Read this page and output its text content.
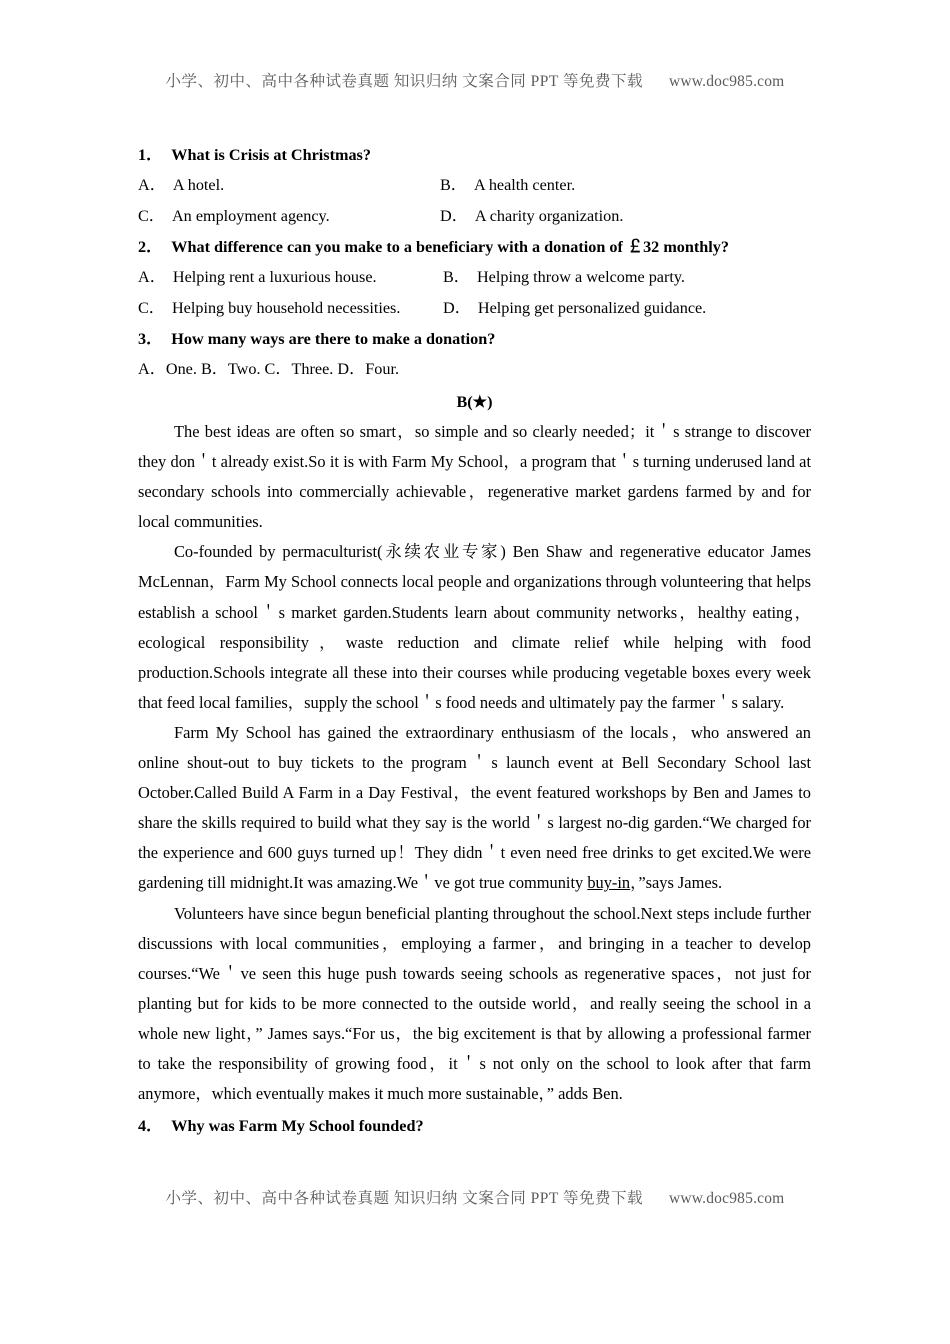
小学、初中、高中各种试卷真题 知识归纳 文案合同 PPT 等免费下载 www.doc985.com

1． What is Crisis at Christmas?

A． A hotel.	B． A health center.
C． An employment agency.	D． A charity organization.

2． What difference can you make to a beneficiary with a donation of ￡32 monthly?

A． Helping rent a luxurious house.	B． Helping throw a welcome party.
C． Helping buy household necessities.	D． Helping get personalized guidance.

3． How many ways are there to make a donation?

A．One. B．Two. C．Three. D．Four.

B(★)

The best ideas are often so smart，so simple and so clearly needed；it＇s strange to discover they don＇t already exist.So it is with Farm My School，a program that＇s turning underused land at secondary schools into commercially achievable，regenerative market gardens farmed by and for local communities.

Co-founded by permaculturist(永续农业专家) Ben Shaw and regenerative educator James McLennan，Farm My School connects local people and organizations through volunteering that helps establish a school＇s market garden.Students learn about community networks，healthy eating，ecological responsibility，waste reduction and climate relief while helping with food production.Schools integrate all these into their courses while producing vegetable boxes every week that feed local families，supply the school＇s food needs and ultimately pay the farmer＇s salary.

Farm My School has gained the extraordinary enthusiasm of the locals，who answered an online shout-out to buy tickets to the program＇s launch event at Bell Secondary School last October.Called Build A Farm in a Day Festival，the event featured workshops by Ben and James to share the skills required to build what they say is the world＇s largest no-dig garden.“We charged for the experience and 600 guys turned up！They didn＇t even need free drinks to get excited.We were gardening till midnight.It was amazing.We＇ve got true community buy-in，”says James.

Volunteers have since begun beneficial planting throughout the school.Next steps include further discussions with local communities，employing a farmer，and bringing in a teacher to develop courses.“We＇ve seen this huge push towards seeing schools as regenerative spaces，not just for planting but for kids to be more connected to the outside world，and really seeing the school in a whole new light，” James says.“For us，the big excitement is that by allowing a professional farmer to take the responsibility of growing food，it＇s not only on the school to look after that farm anymore，which eventually makes it much more sustainable，” adds Ben.

4． Why was Farm My School founded?

小学、初中、高中各种试卷真题 知识归纳 文案合同 PPT 等免费下载 www.doc985.com
